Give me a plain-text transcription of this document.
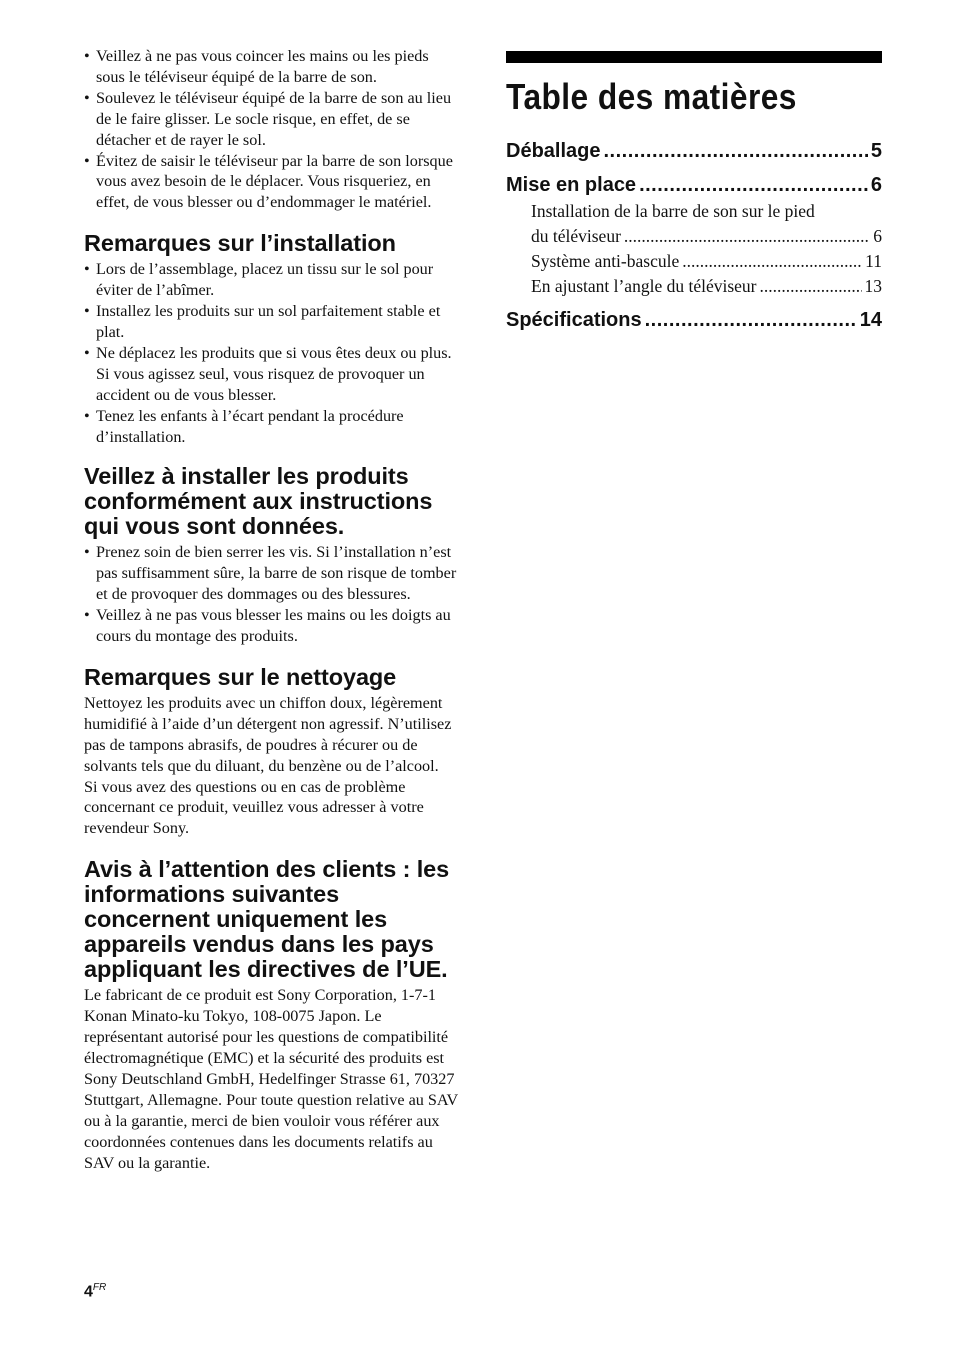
• Veillez à ne pas vous coincer les mains ou les pieds sous le téléviseur équipé de la barre de son.
• Soulevez le téléviseur équipé de la barre de son au lieu de le faire glisser. Le socle risque, en effet, de se détacher et de rayer le sol.
• Évitez de saisir le téléviseur par la barre de son lorsque vous avez besoin de le déplacer. Vous risqueriez, en effet, de vous blesser ou d’endommager le matériel.
Remarques sur l’installation
• Lors de l’assemblage, placez un tissu sur le sol pour éviter de l’abîmer.
• Installez les produits sur un sol parfaitement stable et plat.
• Ne déplacez les produits que si vous êtes deux ou plus. Si vous agissez seul, vous risquez de provoquer un accident ou de vous blesser.
• Tenez les enfants à l’écart pendant la procédure d’installation.
Veillez à installer les produits conformément aux instructions qui vous sont données.
• Prenez soin de bien serrer les vis. Si l’installation n’est pas suffisamment sûre, la barre de son risque de tomber et de provoquer des dommages ou des blessures.
• Veillez à ne pas vous blesser les mains ou les doigts au cours du montage des produits.
Remarques sur le nettoyage

Nettoyez les produits avec un chiffon doux, légèrement humidifié à l’aide d’un détergent non agressif. N’utilisez pas de tampons abrasifs, de poudres à récurer ou de solvants tels que du diluant, du benzène ou de l’alcool.

Si vous avez des questions ou en cas de problème concernant ce produit, veuillez vous adresser à votre revendeur Sony.

Avis à l’attention des clients : les informations suivantes concernent uniquement les appareils vendus dans les pays appliquant les directives de l’UE.

Le fabricant de ce produit est Sony Corporation, 1-7-1 Konan Minato-ku Tokyo, 108-0075 Japon. Le représentant autorisé pour les questions de compatibilité électromagnétique (EMC) et la sécurité des produits est Sony Deutschland GmbH, Hedelfinger Strasse 61, 70327 Stuttgart, Allemagne. Pour toute question relative au SAV ou à la garantie, merci de bien vouloir vous référer aux coordonnées contenues dans les documents relatifs au SAV ou la garantie.

Table des matières
Déballage .....	5
Mise en place .....	6
Installation de la barre de son sur le pied
du téléviseur .....	6
Système anti-bascule .....	11
En ajustant l’angle du téléviseur .....	13
Spécifications .....	14
$4^{FR}$
